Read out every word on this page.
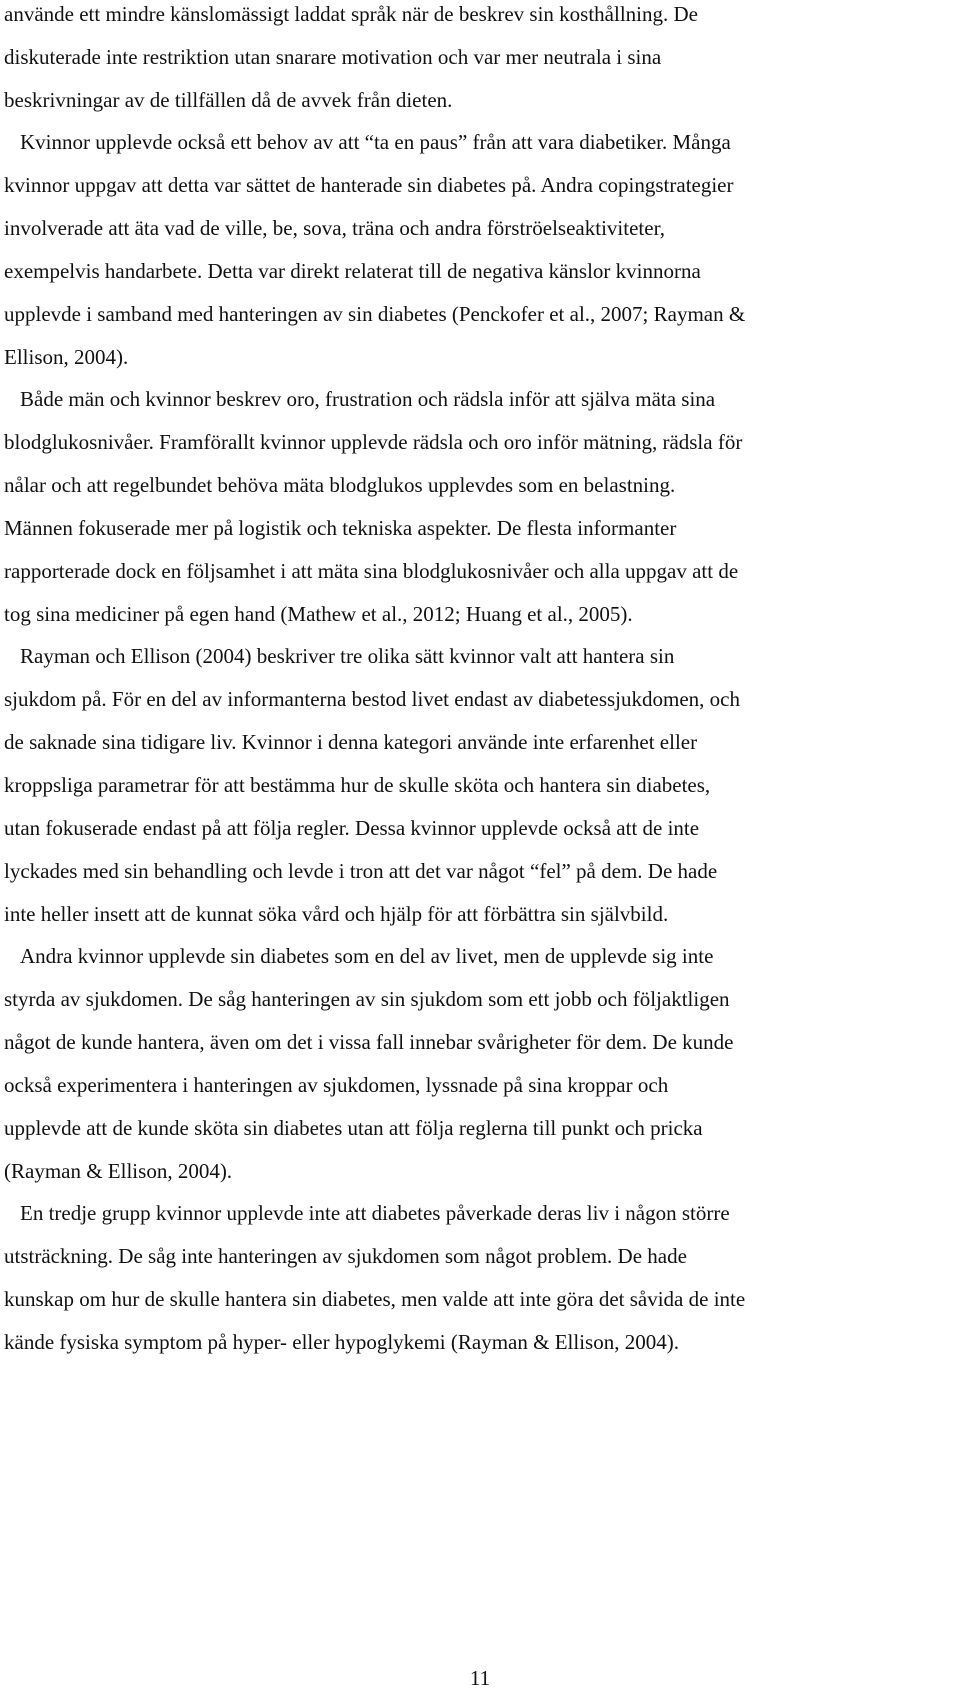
använde ett mindre känslomässigt laddat språk när de beskrev sin kosthållning. De
diskuterade inte restriktion utan snarare motivation och var mer neutrala i sina
beskrivningar av de tillfällen då de avvek från dieten.
Kvinnor upplevde också ett behov av att “ta en paus” från att vara diabetiker. Många
kvinnor uppgav att detta var sättet de hanterade sin diabetes på. Andra copingstrategier
involverade att äta vad de ville, be, sova, träna och andra förströelseaktiviteter,
exempelvis handarbete. Detta var direkt relaterat till de negativa känslor kvinnorna
upplevde i samband med hanteringen av sin diabetes (Penckofer et al., 2007; Rayman &
Ellison, 2004).
Både män och kvinnor beskrev oro, frustration och rädsla inför att själva mäta sina
blodglukosnivåer. Framförallt kvinnor upplevde rädsla och oro inför mätning, rädsla för
nålar och att regelbundet behöva mäta blodglukos upplevdes som en belastning.
Männen fokuserade mer på logistik och tekniska aspekter. De flesta informanter
rapporterade dock en följsamhet i att mäta sina blodglukosnivåer och alla uppgav att de
tog sina mediciner på egen hand (Mathew et al., 2012; Huang et al., 2005).
Rayman och Ellison (2004) beskriver tre olika sätt kvinnor valt att hantera sin
sjukdom på. För en del av informanterna bestod livet endast av diabetessjukdomen, och
de saknade sina tidigare liv. Kvinnor i denna kategori använde inte erfarenhet eller
kroppsliga parametrar för att bestämma hur de skulle sköta och hantera sin diabetes,
utan fokuserade endast på att följa regler. Dessa kvinnor upplevde också att de inte
lyckades med sin behandling och levde i tron att det var något “fel” på dem. De hade
inte heller insett att de kunnat söka vård och hjälp för att förbättra sin självbild.
Andra kvinnor upplevde sin diabetes som en del av livet, men de upplevde sig inte
styrda av sjukdomen. De såg hanteringen av sin sjukdom som ett jobb och följaktligen
något de kunde hantera, även om det i vissa fall innebar svårigheter för dem. De kunde
också experimentera i hanteringen av sjukdomen, lyssnade på sina kroppar och
upplevde att de kunde sköta sin diabetes utan att följa reglerna till punkt och pricka
(Rayman & Ellison, 2004).
En tredje grupp kvinnor upplevde inte att diabetes påverkade deras liv i någon större
utsträckning. De såg inte hanteringen av sjukdomen som något problem. De hade
kunskap om hur de skulle hantera sin diabetes, men valde att inte göra det såvida de inte
kände fysiska symptom på hyper- eller hypoglykemi (Rayman & Ellison, 2004).
11
